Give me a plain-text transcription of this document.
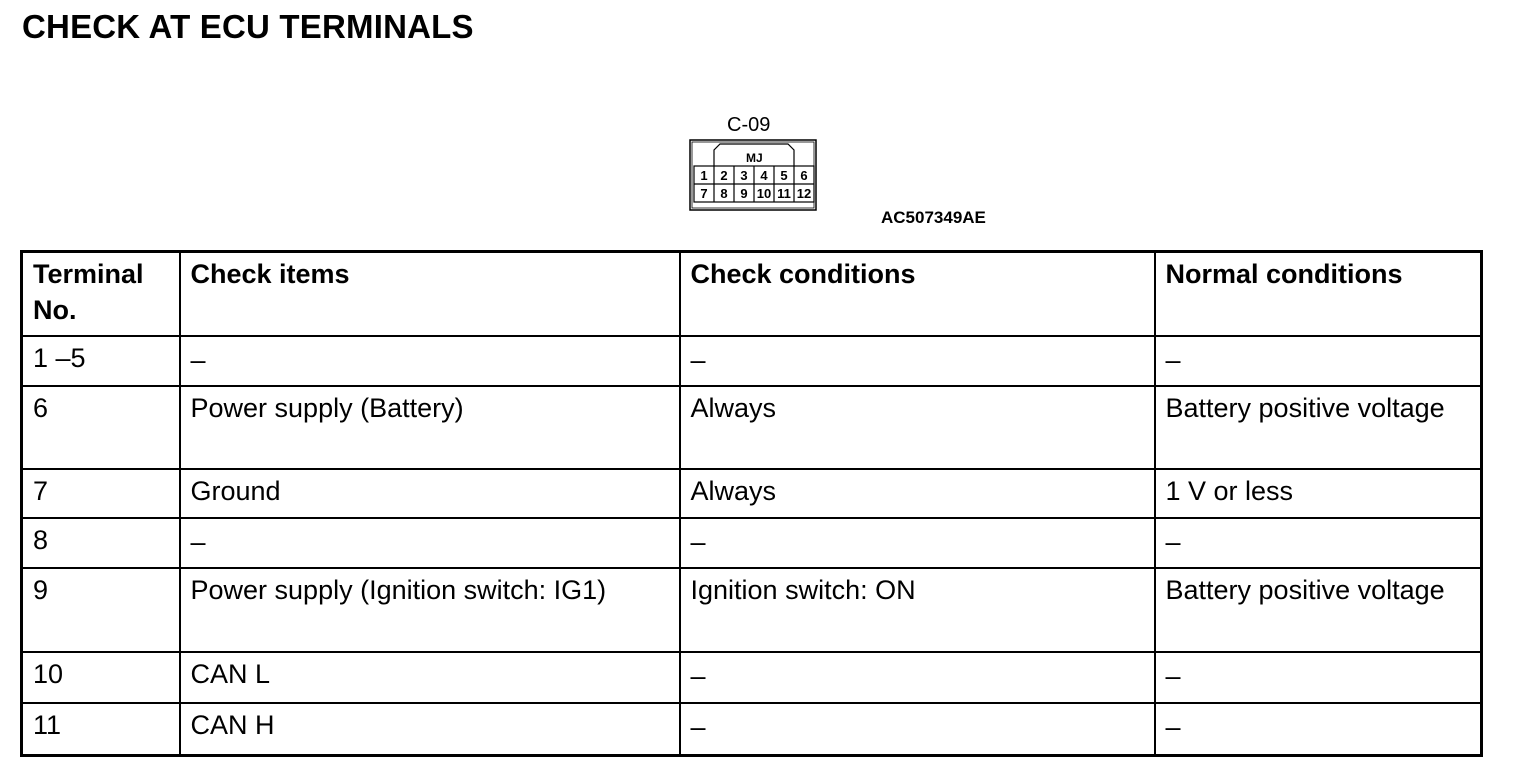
CHECK AT ECU TERMINALS
C-09
MJ
1 2 3 4 5 6
7 8 9 10 11 12
AC507349AE
Terminal No.	Check items	Check conditions	Normal conditions
1 –5	–	–	–
6	Power supply (Battery)	Always	Battery positive voltage
7	Ground	Always	1 V or less
8	–	–	–
9	Power supply (Ignition switch: IG1)	Ignition switch: ON	Battery positive voltage
10	CAN L	–	–
11	CAN H	–	–
